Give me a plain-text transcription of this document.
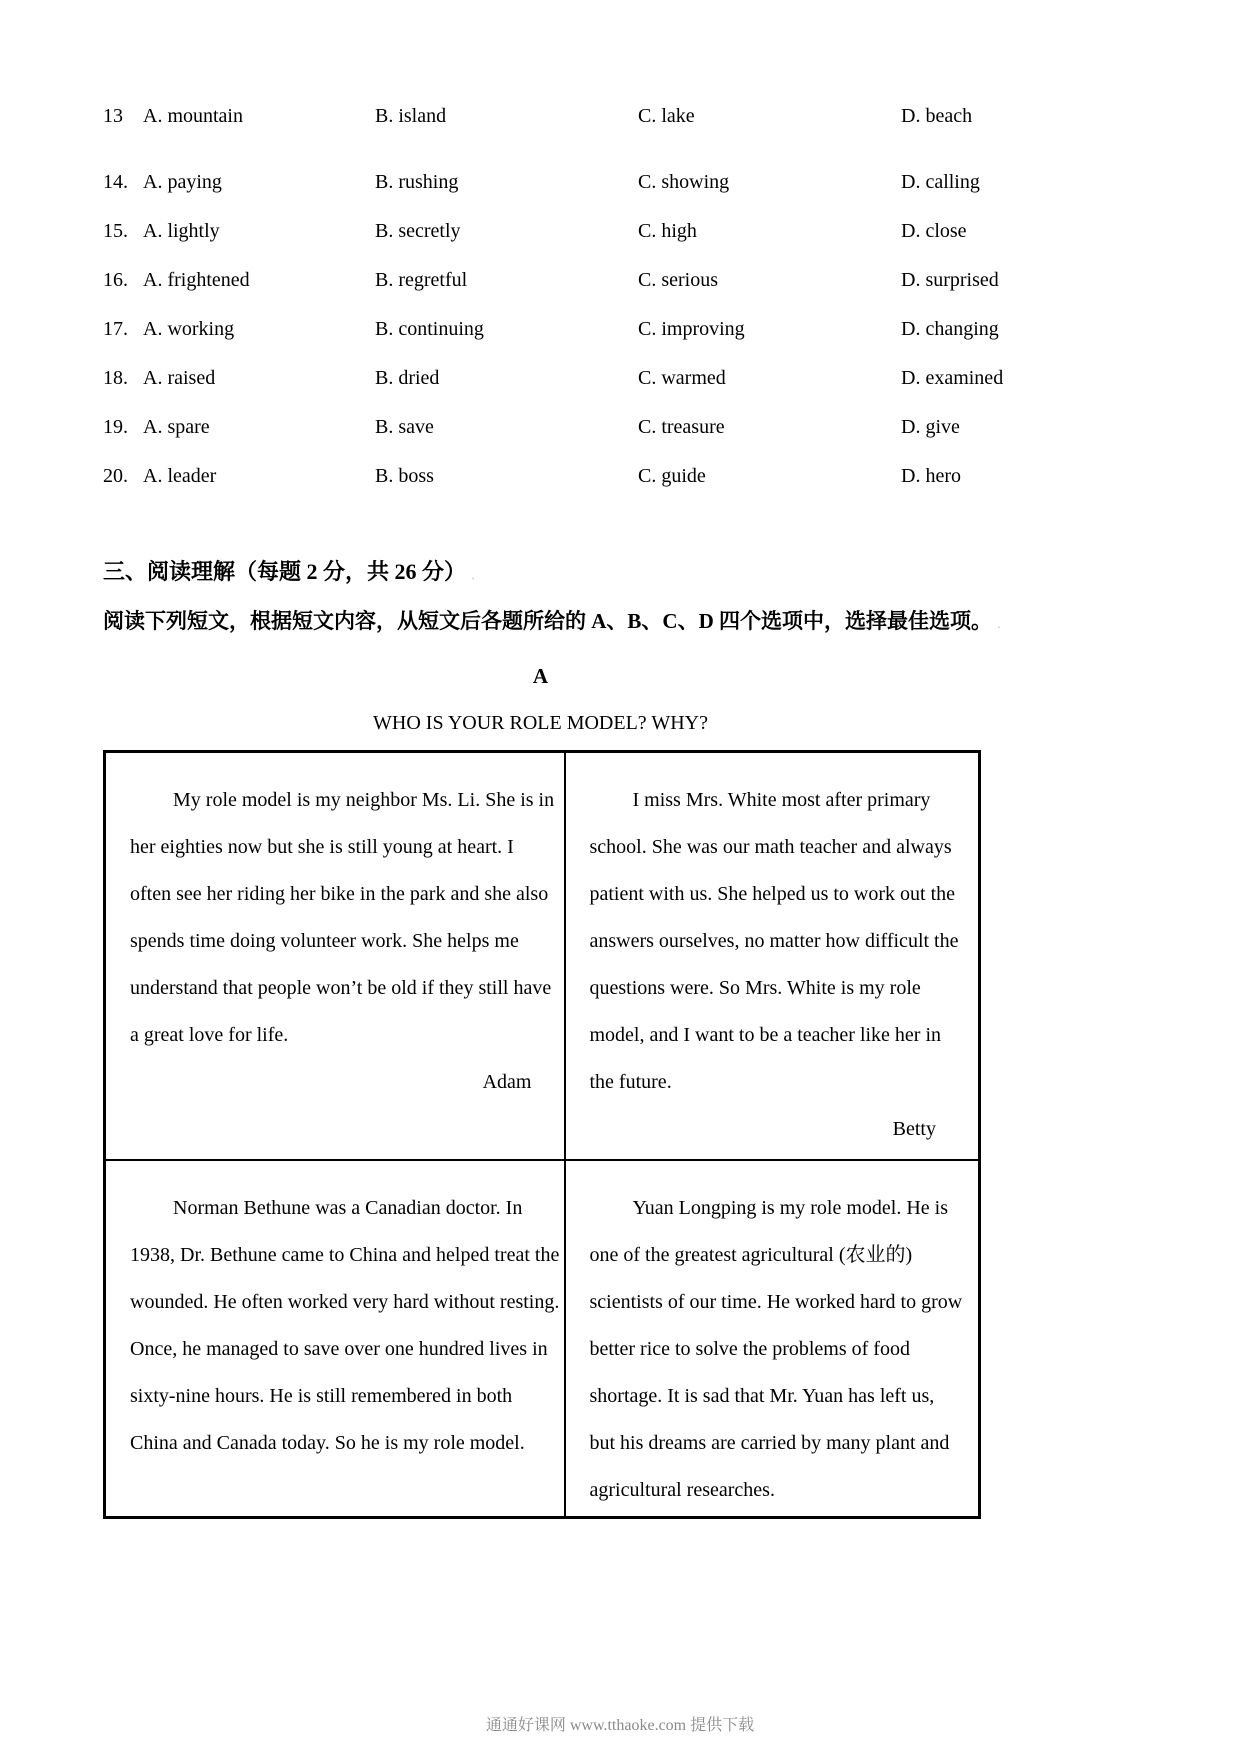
13 A. mountain	B. island	C. lake	D. beach
14. A. paying	B. rushing	C. showing	D. calling
15. A. lightly	B. secretly	C. high	D. close
16. A. frightened	B. regretful	C. serious	D. surprised
17. A. working	B. continuing	C. improving	D. changing
18. A. raised	B. dried	C. warmed	D. examined
19. A. spare	B. save	C. treasure	D. give
20. A. leader	B. boss	C. guide	D. hero
三、阅读理解（每题 2 分，共 26 分） .
阅读下列短文，根据短文内容，从短文后各题所给的 A、B、C、D 四个选项中，选择最佳选项。 .
A
WHO IS YOUR ROLE MODEL? WHY?
My role model is my neighbor Ms. Li. She is in her eighties now but she is still young at heart. I often see her riding her bike in the park and she also spends time doing volunteer work. She helps me understand that people won’t be old if they still have a great love for life.
Adam

I miss Mrs. White most after primary school. She was our math teacher and always patient with us. She helped us to work out the answers ourselves, no matter how difficult the questions were. So Mrs. White is my role model, and I want to be a teacher like her in the future.
Betty

Norman Bethune was a Canadian doctor. In 1938, Dr. Bethune came to China and helped treat the wounded. He often worked very hard without resting. Once, he managed to save over one hundred lives in sixty-nine hours. He is still remembered in both China and Canada today. So he is my role model.

Yuan Longping is my role model. He is one of the greatest agricultural (农业的) scientists of our time. He worked hard to grow better rice to solve the problems of food shortage. It is sad that Mr. Yuan has left us, but his dreams are carried by many plant and agricultural researches.
通通好课网 www.tthaoke.com 提供下载
